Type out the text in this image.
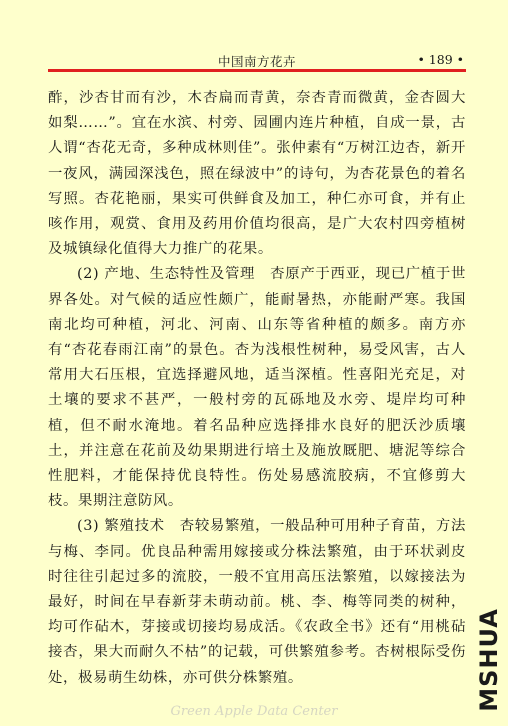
中国南方花卉	• 189 •

酢，沙杏甘而有沙，木杏扁而青黄，奈杏青而微黄，金杏圆大如梨……”。宜在水滨、村旁、园圃内连片种植，自成一景，古人谓“杏花无奇，多种成林则佳”。张仲素有“万树江边杏，新开一夜风，满园深浅色，照在绿波中”的诗句，为杏花景色的着名写照。杏花艳丽，果实可供鲜食及加工，种仁亦可食，并有止咳作用，观赏、食用及药用价值均很高，是广大农村四旁植树及城镇绿化值得大力推广的花果。

(2) 产地、生态特性及管理　杏原产于西亚，现已广植于世界各处。对气候的适应性颇广，能耐暑热，亦能耐严寒。我国南北均可种植，河北、河南、山东等省种植的颇多。南方亦有“杏花春雨江南”的景色。杏为浅根性树种，易受风害，古人常用大石压根，宜选择避风地，适当深植。性喜阳光充足，对土壤的要求不甚严，一般村旁的瓦砾地及水旁、堤岸均可种植，但不耐水淹地。着名品种应选择排水良好的肥沃沙质壤土，并注意在花前及幼果期进行培土及施放厩肥、塘泥等综合性肥料，才能保持优良特性。伤处易感流胶病，不宜修剪大枝。果期注意防风。

(3) 繁殖技术　杏较易繁殖，一般品种可用种子育苗，方法与梅、李同。优良品种需用嫁接或分株法繁殖，由于环状剥皮时往往引起过多的流胶，一般不宜用高压法繁殖，以嫁接法为最好，时间在早春新芽未萌动前。桃、李、梅等同类的树种，均可作砧木，芽接或切接均易成活。《农政全书》还有“用桃砧接杏，果大而耐久不枯”的记载，可供繁殖参考。杏树根际受伤处，极易萌生幼株，亦可供分株繁殖。	MSHUA
Green Apple Data Center
